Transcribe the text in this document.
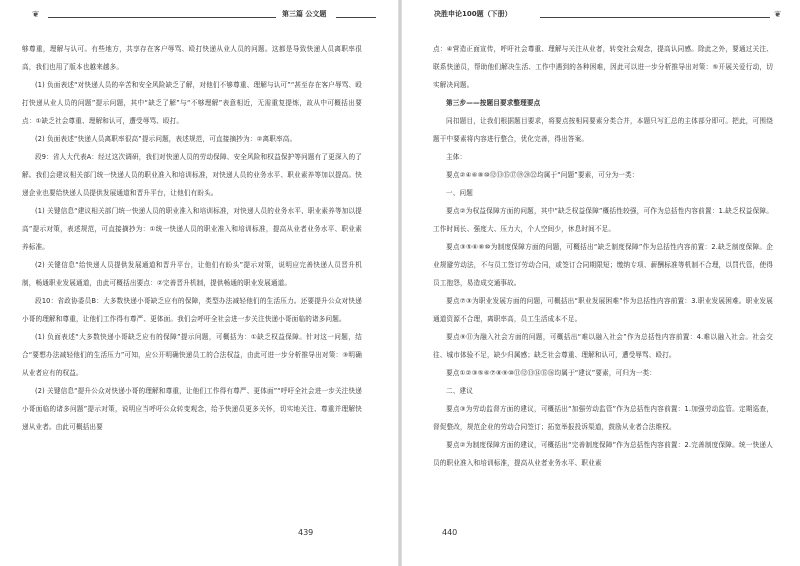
❦	第三篇 公文题

够尊重，理解与认可。有些地方，共享存在客户辱骂、殴打快递从业人员的问题。这都是导致快递人员离职率很高，我们也用了版本也越来越多。

(1) 负面表述“对快递人员的辛苦和安全风险缺乏了解，对他们不够尊重、理解与认可”“甚至存在客户辱骂、殴打快递从业人员的问题”提示问题，其中“缺乏了解”与“不够理解”表意相近，无需重复提炼，故从中可概括出要点：①缺乏社会尊重、理解和认可，遭受辱骂、殴打。

(2) 负面表述“快递人员离职率很高”提示问题，表述规范，可直接摘抄为：②离职率高。

段9：省人大代表A：经过这次调研，我们对快递人员的劳动保障、安全风险和权益保护等问题有了更深入的了解。我们会建议相关部门统一快递人员的职业准入和培训标准，对快递人员的业务水平、职业素养等加以提高。快递企业也要给快递人员提供发展通道和晋升平台，让他们有盼头。

(1) 关键信息“建议相关部门统一快递人员的职业准入和培训标准，对快递人员的业务水平、职业素养等加以提高”提示对策，表述规范，可直接摘抄为：①统一快递人员的职业准入和培训标准，提高从业者业务水平、职业素养标准。

(2) 关键信息“给快递人员提供发展通道和晋升平台，让他们有盼头”提示对策，说明应完善快递人员晋升机制，畅通职业发展通道，由此可概括出要点：②完善晋升机制，提供畅通的职业发展通道。

段10：省政协委员B：大多数快递小哥缺乏应有的保障，类型办法减轻他们的生活压力。还要提升公众对快递小哥的理解和尊重，让他们工作得有尊严、更体面。我们会呼吁全社会进一步关注快递小哥面临的诸多问题。

(1) 负面表述“大多数快递小哥缺乏应有的保障”提示问题，可概括为：①缺乏权益保障。针对这一问题，结合“要想办法减轻他们的生活压力”可知，应公开明确快递员工的合法权益，由此可进一步分析推导出对策：③明确从业者应有的权益。

(2) 关键信息“提升公众对快递小哥的理解和尊重，让他们工作得有尊严、更体面”“呼吁全社会进一步关注快递小哥面临的诸多问题”提示对策，说明应当呼吁公众转变观念，给予快递员更多关怀，切实地关注、尊重并理解快递从业者。由此可概括出要

439
决胜申论100题（下册）	❦

点：④营造正面宣传，呼吁社会尊重、理解与关注从业者，转变社会观念，提高认同感。除此之外，要通过关注、联系快递员，帮助他们解决生活、工作中遇到的各种困难，因此可以进一步分析推导出对策：⑤开展关爱行动，切实解决问题。

第三步——按题目要求整理要点

同扣题目，让我们根据题目要求，将要点按相同要素分类合并，本题只写汇总的主体部分即可。把此，可围绕题干中要素将内容进行整合，优化完善，得出答案。

主体：

要点②④⑥⑧⑩⑫⑬⑮⑰⑲⑳㉒均属于“问题”要素，可分为一类：

一、问题

要点②为权益保障方面的问题，其中“缺乏权益保障”概括性较强，可作为总括性内容前置：1.缺乏权益保障。工作时间长、强度大、压力大，个人空间少，休息时间不足。

要点③⑤⑥⑧⑩为制度保障方面的问题，可概括出“缺乏制度保障”作为总括性内容前置：2.缺乏制度保障。企业规避劳动法，不与员工签订劳动合同，或签订合同期限短；缴纳专项、薪酬标准等机制不合理，以罚代管，使得员工抱怨，易造成交通事故。

要点⑦③为职业发展方面的问题，可概括出“职业发展困难”作为总括性内容前置：3.职业发展困难。职业发展通道资源不合理，离职率高，员工生活成本不足。

要点⑨⑪为融入社会方面的问题，可概括出“难以融入社会”作为总括性内容前置：4.难以融入社会。社会交往、城市体验不足，缺少归属感；缺乏社会尊重、理解和认可，遭受辱骂、殴打。

要点①②③⑤⑥⑦⑧⑨⑩⑪⑫⑬⑭⑮⑯均属于“建议”要素，可归为一类：

二、建议

要点③为劳动监督方面的建议，可概括出“加强劳动监管”作为总括性内容前置：1.加强劳动监管。定期巡查，督促整改，规范企业的劳动合同签订；拓宽举报投诉渠道，鼓励从业者合法维权。

要点②为制度保障方面的建议，可概括出“完善制度保障”作为总括性内容前置：2.完善制度保障。统一快递人员的职业准入和培训标准，提高从业者业务水平、职业素

440
